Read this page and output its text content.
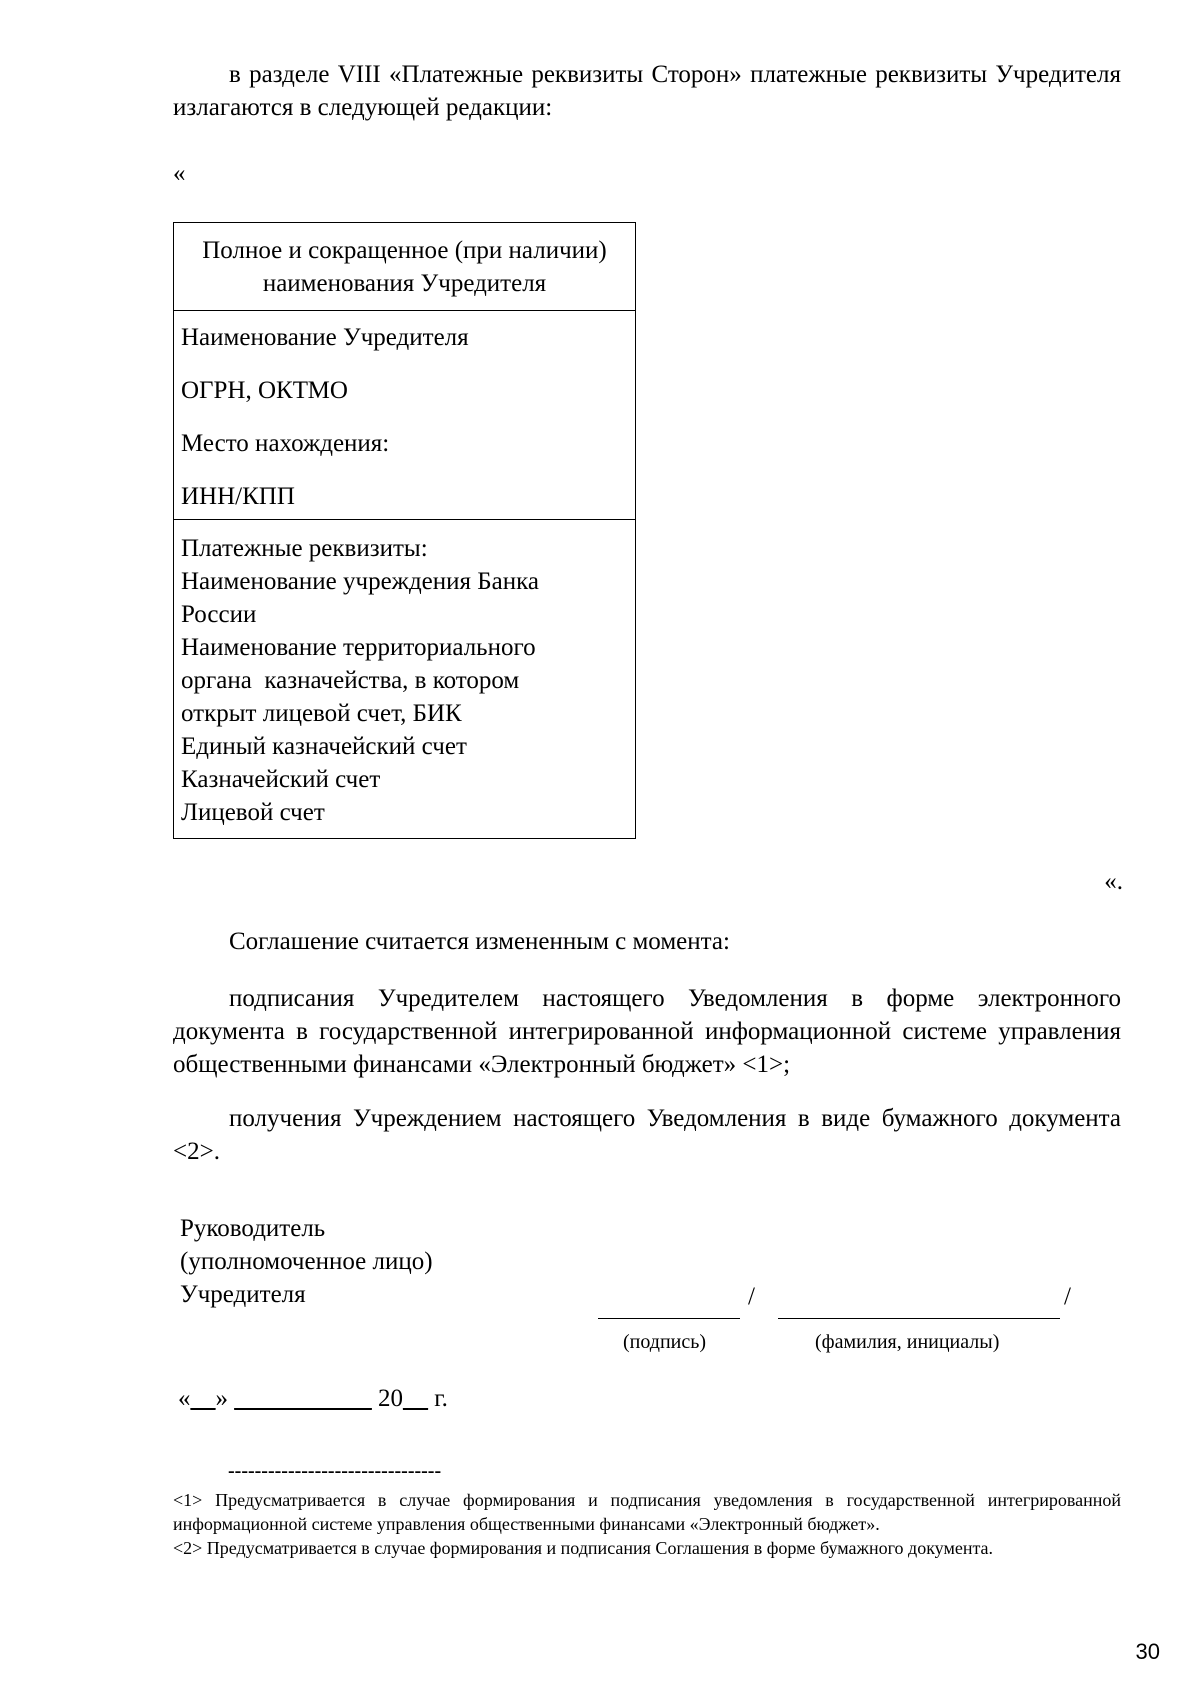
в разделе VIII «Платежные реквизиты Сторон» платежные реквизиты Учредителя излагаются в следующей редакции:

«
Полное и сокращенное (при наличии) наименования Учредителя
Наименование Учредителя
ОГРН, ОКТМО
Место нахождения:
ИНН/КПП
Платежные реквизиты:
Наименование учреждения Банка
России
Наименование территориального
органа  казначейства, в котором
открыт лицевой счет, БИК
Единый казначейский счет
Казначейский счет
Лицевой счет
«.

Соглашение считается измененным с момента:

подписания Учредителем настоящего Уведомления в форме электронного документа в государственной интегрированной информационной системе управления общественными финансами «Электронный бюджет» <1>;

получения Учреждением настоящего Уведомления в виде бумажного документа <2>.

Руководитель
(уполномоченное лицо)
Учредителя	/	/
(подпись)	(фамилия, инициалы)
«__» ___________ 20__ г.
--------------------------------

<1> Предусматривается в случае формирования и подписания уведомления в государственной интегрированной информационной системе управления общественными финансами «Электронный бюджет».

<2> Предусматривается в случае формирования и подписания Соглашения в форме бумажного документа.

30
